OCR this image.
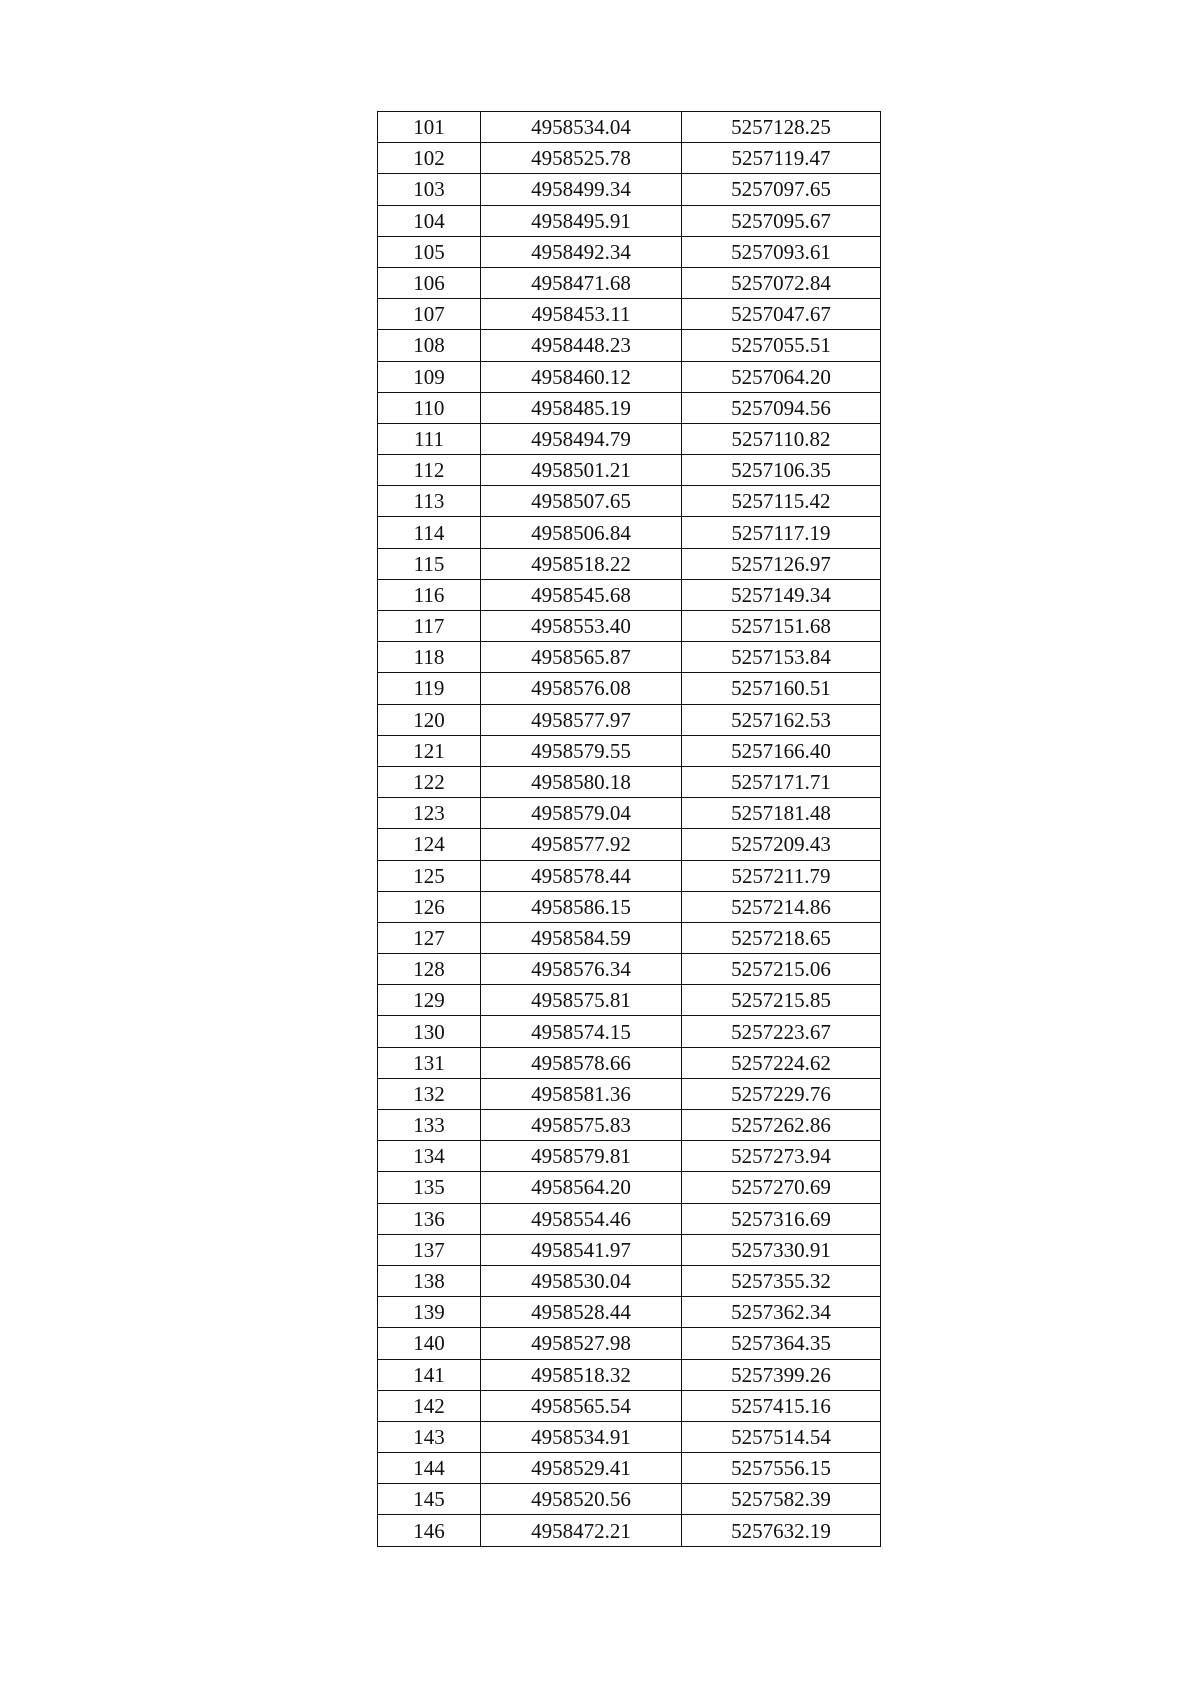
101	4958534.04	5257128.25
102	4958525.78	5257119.47
103	4958499.34	5257097.65
104	4958495.91	5257095.67
105	4958492.34	5257093.61
106	4958471.68	5257072.84
107	4958453.11	5257047.67
108	4958448.23	5257055.51
109	4958460.12	5257064.20
110	4958485.19	5257094.56
111	4958494.79	5257110.82
112	4958501.21	5257106.35
113	4958507.65	5257115.42
114	4958506.84	5257117.19
115	4958518.22	5257126.97
116	4958545.68	5257149.34
117	4958553.40	5257151.68
118	4958565.87	5257153.84
119	4958576.08	5257160.51
120	4958577.97	5257162.53
121	4958579.55	5257166.40
122	4958580.18	5257171.71
123	4958579.04	5257181.48
124	4958577.92	5257209.43
125	4958578.44	5257211.79
126	4958586.15	5257214.86
127	4958584.59	5257218.65
128	4958576.34	5257215.06
129	4958575.81	5257215.85
130	4958574.15	5257223.67
131	4958578.66	5257224.62
132	4958581.36	5257229.76
133	4958575.83	5257262.86
134	4958579.81	5257273.94
135	4958564.20	5257270.69
136	4958554.46	5257316.69
137	4958541.97	5257330.91
138	4958530.04	5257355.32
139	4958528.44	5257362.34
140	4958527.98	5257364.35
141	4958518.32	5257399.26
142	4958565.54	5257415.16
143	4958534.91	5257514.54
144	4958529.41	5257556.15
145	4958520.56	5257582.39
146	4958472.21	5257632.19
